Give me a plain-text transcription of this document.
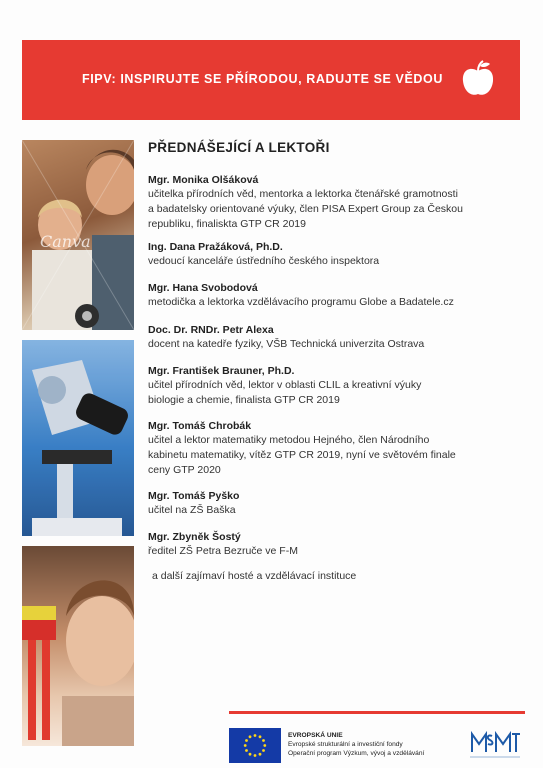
FIPV: INSPIRUJTE SE PŘÍRODOU, RADUJTE SE VĚDOU
Canva
PŘEDNÁŠEJÍCÍ A LEKTOŘI
Mgr. Monika Olšáková
učitelka přírodních věd, mentorka a lektorka čtenářské gramotnosti
a badatelsky orientované výuky, člen PISA Expert Group za Českou
republiku, finaliskta GTP CR 2019
Ing. Dana Pražáková, Ph.D.
vedoucí kanceláře ústředního českého inspektora
Mgr. Hana Svobodová
metodička a lektorka vzdělávacího programu Globe a Badatele.cz
Doc. Dr. RNDr. Petr Alexa
docent na katedře fyziky, VŠB Technická univerzita Ostrava
Mgr. František Brauner, Ph.D.
učitel přírodních věd, lektor v oblasti CLIL a kreativní výuky
biologie a chemie, finalista GTP CR 2019
Mgr. Tomáš Chrobák
učitel a lektor matematiky metodou Hejného, člen Národního
kabinetu matematiky, vítěz GTP CR 2019, nyní ve světovém finale
ceny GTP 2020
Mgr. Tomáš Pyško
učitel na ZŠ Baška
Mgr. Zbyněk Šostý
ředitel ZŠ Petra Bezruče ve F-M
a další zajímaví hosté a vzdělávací instituce
EVROPSKÁ UNIE
Evropské strukturální a investiční fondy
Operační program Výzkum, vývoj a vzdělávání
